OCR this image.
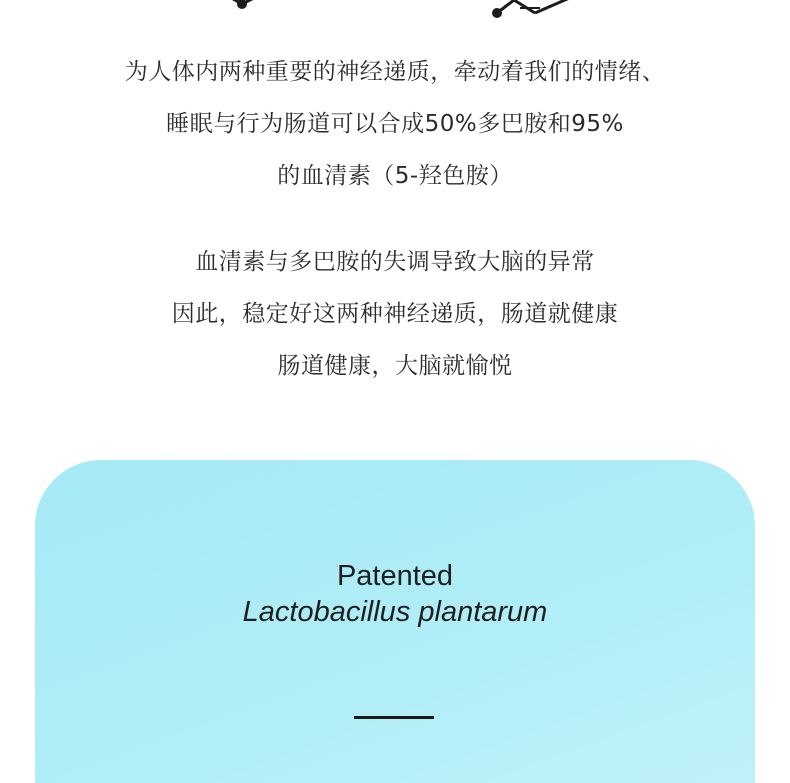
为人体内两种重要的神经递质，牵动着我们的情绪、
睡眠与行为肠道可以合成50%多巴胺和95%
的血清素（5-羟色胺）
血清素与多巴胺的失调导致大脑的异常
因此，稳定好这两种神经递质，肠道就健康
肠道健康，大脑就愉悦
Patented
Lactobacillus plantarum
